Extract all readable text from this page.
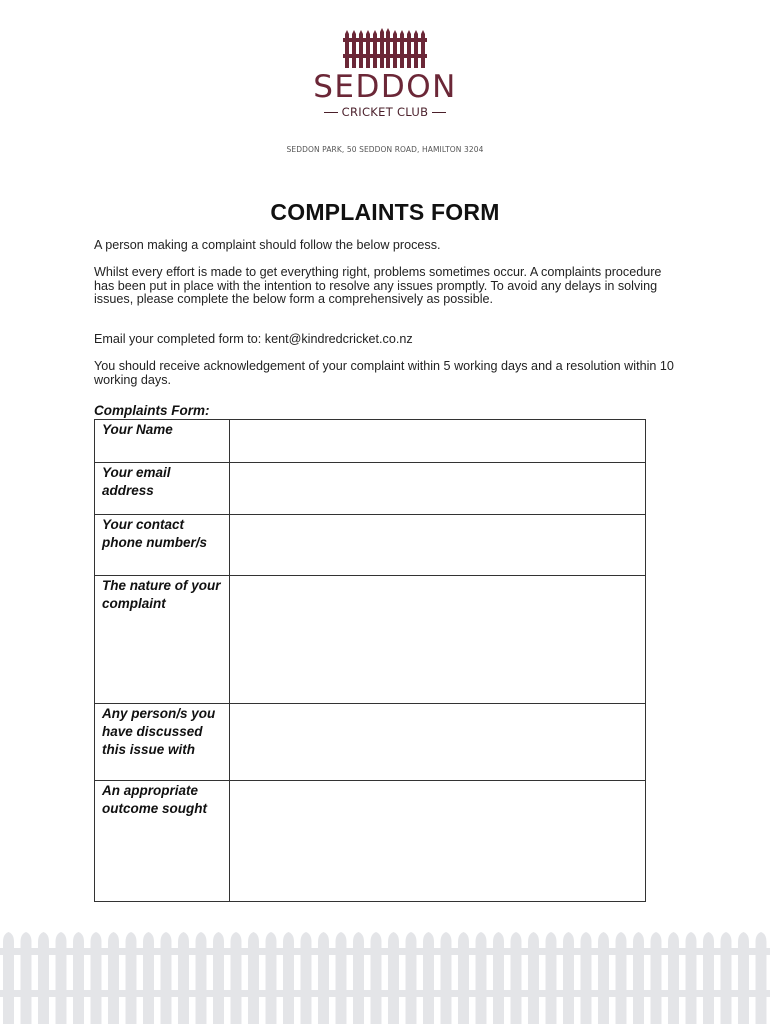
SEDDON
CRICKET CLUB
SEDDON PARK, 50 SEDDON ROAD, HAMILTON 3204
COMPLAINTS FORM

A person making a complaint should follow the below process.

Whilst every effort is made to get everything right, problems sometimes occur. A complaints procedure has been put in place with the intention to resolve any issues promptly. To avoid any delays in solving issues, please complete the below form a comprehensively as possible.

Email your completed form to: kent@kindredcricket.co.nz

You should receive acknowledgement of your complaint within 5 working days and a resolution within 10 working days.

Complaints Form:
Your Name	
Your email address	
Your contact phone number/s	
The nature of your complaint	
Any person/s you have discussed this issue with	
An appropriate outcome sought	
